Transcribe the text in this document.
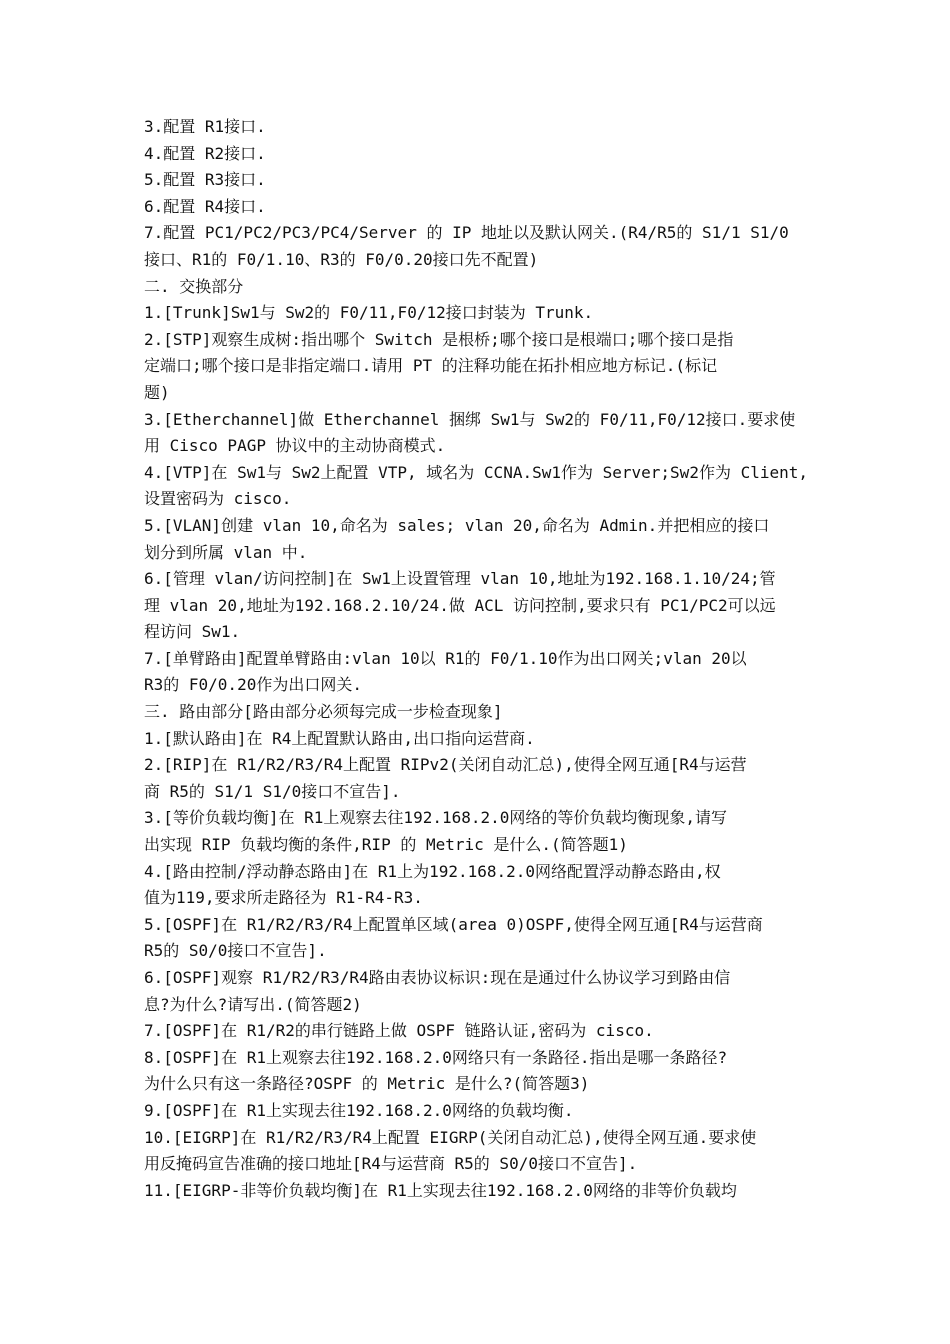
3.配置 R1接口.
4.配置 R2接口.
5.配置 R3接口.
6.配置 R4接口.
7.配置 PC1/PC2/PC3/PC4/Server 的 IP 地址以及默认网关.(R4/R5的 S1/1 S1/0
接口、R1的 F0/1.10、R3的 F0/0.20接口先不配置)
二. 交换部分
1.[Trunk]Sw1与 Sw2的 F0/11,F0/12接口封装为 Trunk.
2.[STP]观察生成树:指出哪个 Switch 是根桥;哪个接口是根端口;哪个接口是指
定端口;哪个接口是非指定端口.请用 PT 的注释功能在拓扑相应地方标记.(标记
题)
3.[Etherchannel]做 Etherchannel 捆绑 Sw1与 Sw2的 F0/11,F0/12接口.要求使
用 Cisco PAGP 协议中的主动协商模式.
4.[VTP]在 Sw1与 Sw2上配置 VTP, 域名为 CCNA.Sw1作为 Server;Sw2作为 Client,
设置密码为 cisco.
5.[VLAN]创建 vlan 10,命名为 sales; vlan 20,命名为 Admin.并把相应的接口
划分到所属 vlan 中.
6.[管理 vlan/访问控制]在 Sw1上设置管理 vlan 10,地址为192.168.1.10/24;管
理 vlan 20,地址为192.168.2.10/24.做 ACL 访问控制,要求只有 PC1/PC2可以远
程访问 Sw1.
7.[单臂路由]配置单臂路由:vlan 10以 R1的 F0/1.10作为出口网关;vlan 20以
R3的 F0/0.20作为出口网关.
三. 路由部分[路由部分必须每完成一步检查现象]
1.[默认路由]在 R4上配置默认路由,出口指向运营商.
2.[RIP]在 R1/R2/R3/R4上配置 RIPv2(关闭自动汇总),使得全网互通[R4与运营
商 R5的 S1/1 S1/0接口不宣告].
3.[等价负载均衡]在 R1上观察去往192.168.2.0网络的等价负载均衡现象,请写
出实现 RIP 负载均衡的条件,RIP 的 Metric 是什么.(简答题1)
4.[路由控制/浮动静态路由]在 R1上为192.168.2.0网络配置浮动静态路由,权
值为119,要求所走路径为 R1-R4-R3.
5.[OSPF]在 R1/R2/R3/R4上配置单区域(area 0)OSPF,使得全网互通[R4与运营商
R5的 S0/0接口不宣告].
6.[OSPF]观察 R1/R2/R3/R4路由表协议标识:现在是通过什么协议学习到路由信
息?为什么?请写出.(简答题2)
7.[OSPF]在 R1/R2的串行链路上做 OSPF 链路认证,密码为 cisco.
8.[OSPF]在 R1上观察去往192.168.2.0网络只有一条路径.指出是哪一条路径?
为什么只有这一条路径?OSPF 的 Metric 是什么?(简答题3)
9.[OSPF]在 R1上实现去往192.168.2.0网络的负载均衡.
10.[EIGRP]在 R1/R2/R3/R4上配置 EIGRP(关闭自动汇总),使得全网互通.要求使
用反掩码宣告准确的接口地址[R4与运营商 R5的 S0/0接口不宣告].
11.[EIGRP-非等价负载均衡]在 R1上实现去往192.168.2.0网络的非等价负载均
